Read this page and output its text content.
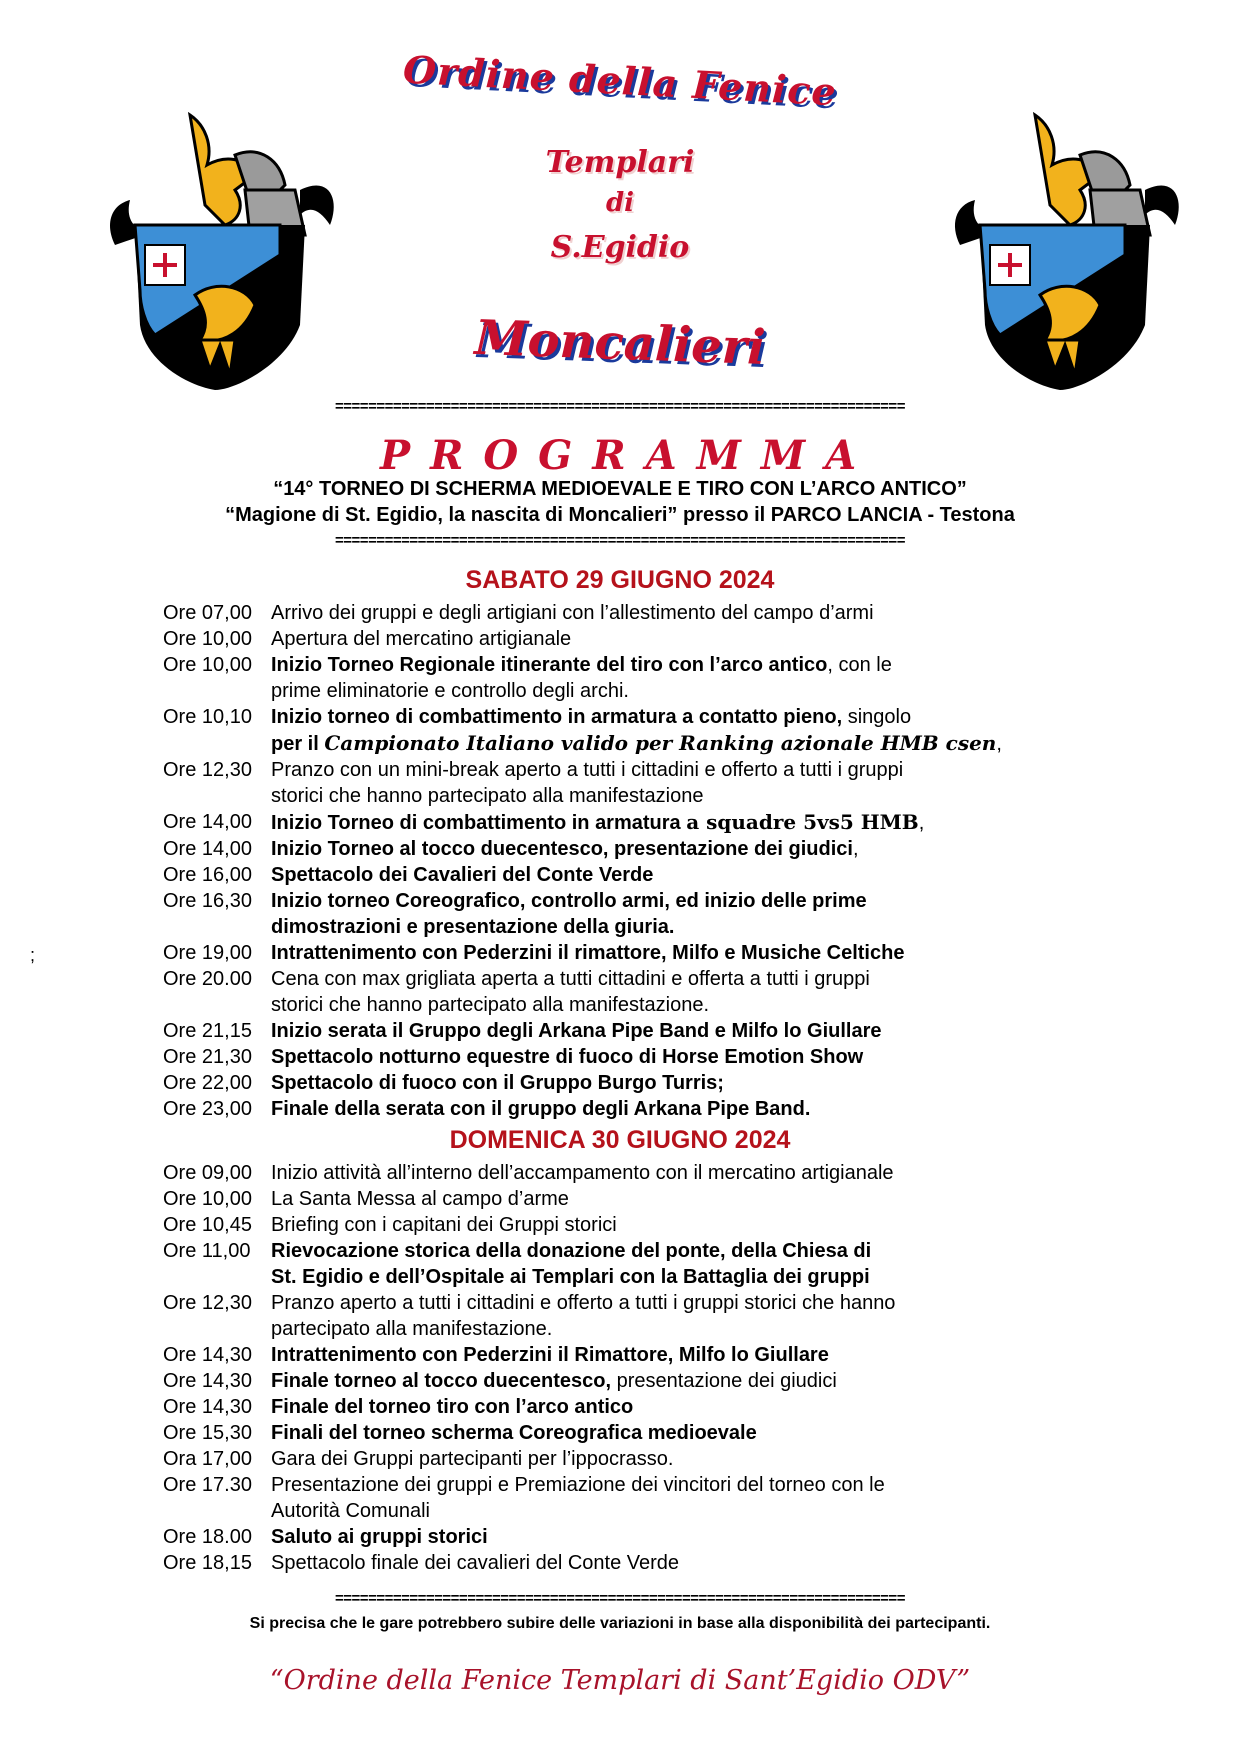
Ordine della Fenice
Templari
di
S.Egidio
Moncalieri
=====================================================================
PROGRAMMA
“14° TORNEO DI SCHERMA MEDIOEVALE E TIRO CON L’ARCO ANTICO”
“Magione di St. Egidio, la nascita di Moncalieri” presso il PARCO LANCIA - Testona
=====================================================================
SABATO 29 GIUGNO 2024
Ore 07,00 Arrivo dei gruppi e degli artigiani con l’allestimento del campo d’armi
Ore 10,00 Apertura del mercatino artigianale
Ore 10,00 Inizio Torneo Regionale itinerante del tiro con l’arco antico, con le
prime eliminatorie e controllo degli archi.
Ore 10,10 Inizio torneo di combattimento in armatura a contatto pieno, singolo
per il Campionato Italiano valido per Ranking azionale HMB csen,
Ore 12,30 Pranzo con un mini-break aperto a tutti i cittadini e offerto a tutti i gruppi
storici che hanno partecipato alla manifestazione
Ore 14,00 Inizio Torneo di combattimento in armatura a squadre 5vs5 HMB,
Ore 14,00 Inizio Torneo al tocco duecentesco, presentazione dei giudici,
Ore 16,00 Spettacolo dei Cavalieri del Conte Verde
Ore 16,30 Inizio torneo Coreografico, controllo armi, ed inizio delle prime
dimostrazioni e presentazione della giuria.
Ore 19,00 Intrattenimento con Pederzini il rimattore, Milfo e Musiche Celtiche
Ore 20.00 Cena con max grigliata aperta a tutti cittadini e offerta a tutti i gruppi
storici che hanno partecipato alla manifestazione.
Ore 21,15 Inizio serata il Gruppo degli Arkana Pipe Band e Milfo lo Giullare
Ore 21,30 Spettacolo notturno equestre di fuoco di Horse Emotion Show
Ore 22,00 Spettacolo di fuoco con il Gruppo Burgo Turris;
Ore 23,00 Finale della serata con il gruppo degli Arkana Pipe Band.
;
DOMENICA 30 GIUGNO 2024
Ore 09,00 Inizio attività all’interno dell’accampamento con il mercatino artigianale
Ore 10,00 La Santa Messa al campo d’arme
Ore 10,45 Briefing con i capitani dei Gruppi storici
Ore 11,00 Rievocazione storica della donazione del ponte, della Chiesa di
St. Egidio e dell’Ospitale ai Templari con la Battaglia dei gruppi
Ore 12,30 Pranzo aperto a tutti i cittadini e offerto a tutti i gruppi storici che hanno
partecipato alla manifestazione.
Ore 14,30 Intrattenimento con Pederzini il Rimattore, Milfo lo Giullare
Ore 14,30 Finale torneo al tocco duecentesco, presentazione dei giudici
Ore 14,30 Finale del torneo tiro con l’arco antico
Ore 15,30 Finali del torneo scherma Coreografica medioevale
Ora 17,00 Gara dei Gruppi partecipanti per l’ippocrasso.
Ore 17.30 Presentazione dei gruppi e Premiazione dei vincitori del torneo con le
Autorità Comunali
Ore 18.00 Saluto ai gruppi storici
Ore 18,15 Spettacolo finale dei cavalieri del Conte Verde
=====================================================================
Si precisa che le gare potrebbero subire delle variazioni in base alla disponibilità dei partecipanti.
“Ordine della Fenice Templari di Sant’Egidio ODV”
